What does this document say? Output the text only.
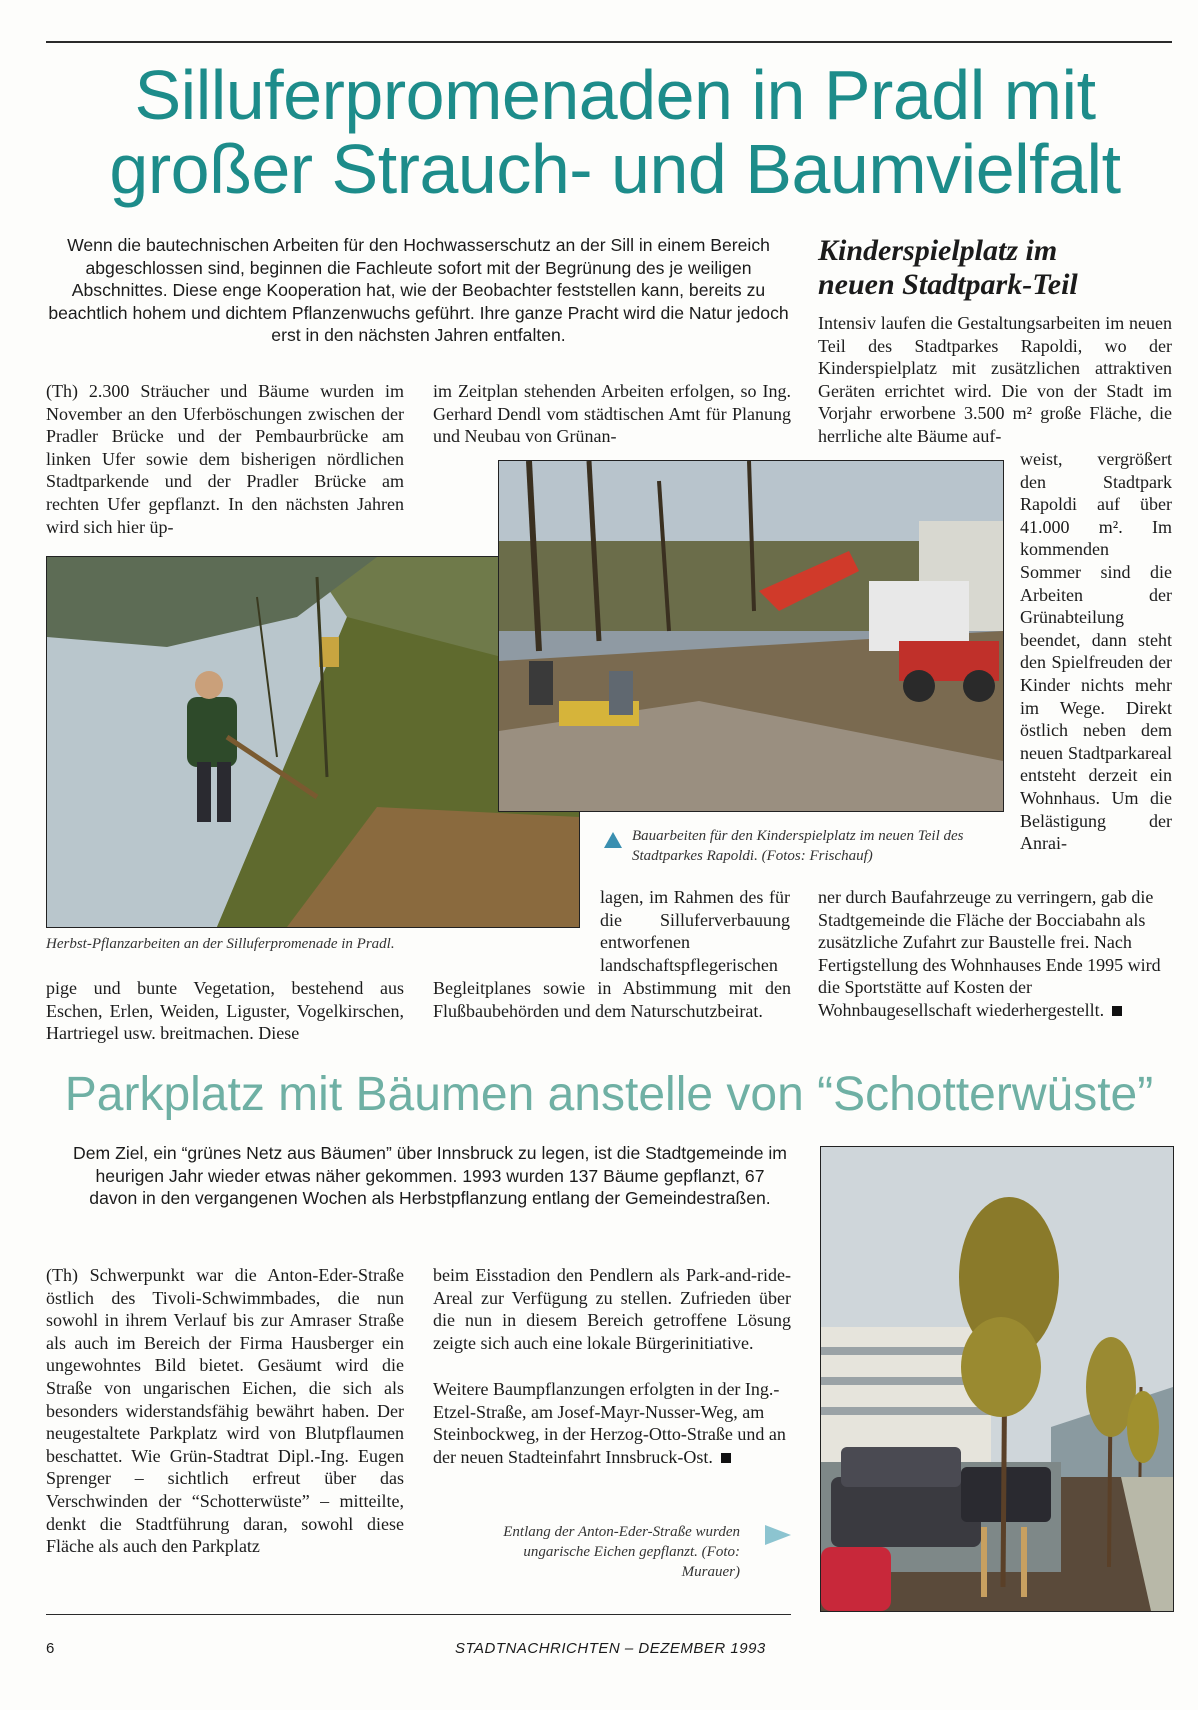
Silluferpromenaden in Pradl mit großer Strauch- und Baumvielfalt

Wenn die bautechnischen Arbeiten für den Hochwasserschutz an der Sill in einem Bereich abgeschlossen sind, beginnen die Fachleute sofort mit der Begrünung des je weiligen Abschnittes. Diese enge Kooperation hat, wie der Beobachter feststellen kann, bereits zu beachtlich hohem und dichtem Pflanzenwuchs geführt. Ihre ganze Pracht wird die Natur jedoch erst in den nächsten Jahren entfalten.

(Th) 2.300 Sträucher und Bäume wurden im November an den Uferböschungen zwischen der Pradler Brücke und der Pembaurbrücke am linken Ufer sowie dem bisherigen nördlichen Stadtparkende und der Pradler Brücke am rechten Ufer gepflanzt. In den nächsten Jahren wird sich hier üp-

im Zeitplan stehenden Arbeiten erfolgen, so Ing. Gerhard Dendl vom städtischen Amt für Planung und Neubau von Grünan-

Herbst-Pflanzarbeiten an der Silluferpromenade in Pradl.

Bauarbeiten für den Kinderspielplatz im neuen Teil des Stadtparkes Rapoldi. (Fotos: Frischauf)

lagen, im Rahmen des für die Silluferverbauung entworfenen landschaftspflegerischen

pige und bunte Vegetation, bestehend aus Eschen, Erlen, Weiden, Liguster, Vogelkirschen, Hartriegel usw. breitmachen. Diese

Begleitplanes sowie in Abstimmung mit den Flußbaubehörden und dem Naturschutzbeirat.

Kinderspielplatz im neuen Stadtpark-Teil

Intensiv laufen die Gestaltungsarbeiten im neuen Teil des Stadtparkes Rapoldi, wo der Kinderspielplatz mit zusätzlichen attraktiven Geräten errichtet wird. Die von der Stadt im Vorjahr erworbene 3.500 m² große Fläche, die herrliche alte Bäume auf-

weist, vergrößert den Stadtpark Rapoldi auf über 41.000 m². Im kommenden Sommer sind die Arbeiten der Grünabteilung beendet, dann steht den Spielfreuden der Kinder nichts mehr im Wege. Direkt östlich neben dem neuen Stadtparkareal entsteht derzeit ein Wohnhaus. Um die Belästigung der Anrai-

ner durch Baufahrzeuge zu verringern, gab die Stadtgemeinde die Fläche der Bocciabahn als zusätzliche Zufahrt zur Baustelle frei. Nach Fertigstellung des Wohnhauses Ende 1995 wird die Sportstätte auf Kosten der Wohnbaugesellschaft wiederhergestellt.

Parkplatz mit Bäumen anstelle von “Schotterwüste”

Dem Ziel, ein “grünes Netz aus Bäumen” über Innsbruck zu legen, ist die Stadtgemeinde im heurigen Jahr wieder etwas näher gekommen. 1993 wurden 137 Bäume gepflanzt, 67 davon in den vergangenen Wochen als Herbstpflanzung entlang der Gemeindestraßen.

(Th) Schwerpunkt war die Anton-Eder-Straße östlich des Tivoli-Schwimmbades, die nun sowohl in ihrem Verlauf bis zur Amraser Straße als auch im Bereich der Firma Hausberger ein ungewohntes Bild bietet. Gesäumt wird die Straße von ungarischen Eichen, die sich als besonders widerstandsfähig bewährt haben. Der neugestaltete Parkplatz wird von Blutpflaumen beschattet. Wie Grün-Stadtrat Dipl.-Ing. Eugen Sprenger – sichtlich erfreut über das Verschwinden der “Schotterwüste” – mitteilte, denkt die Stadtführung daran, sowohl diese Fläche als auch den Parkplatz

beim Eisstadion den Pendlern als Park-and-ride-Areal zur Verfügung zu stellen. Zufrieden über die nun in diesem Bereich getroffene Lösung zeigte sich auch eine lokale Bürgerinitiative.

Weitere Baumpflanzungen erfolgten in der Ing.-Etzel-Straße, am Josef-Mayr-Nusser-Weg, am Steinbockweg, in der Herzog-Otto-Straße und an der neuen Stadteinfahrt Innsbruck-Ost.

Entlang der Anton-Eder-Straße wurden ungarische Eichen gepflanzt. (Foto: Murauer)

6	STADTNACHRICHTEN – DEZEMBER 1993
